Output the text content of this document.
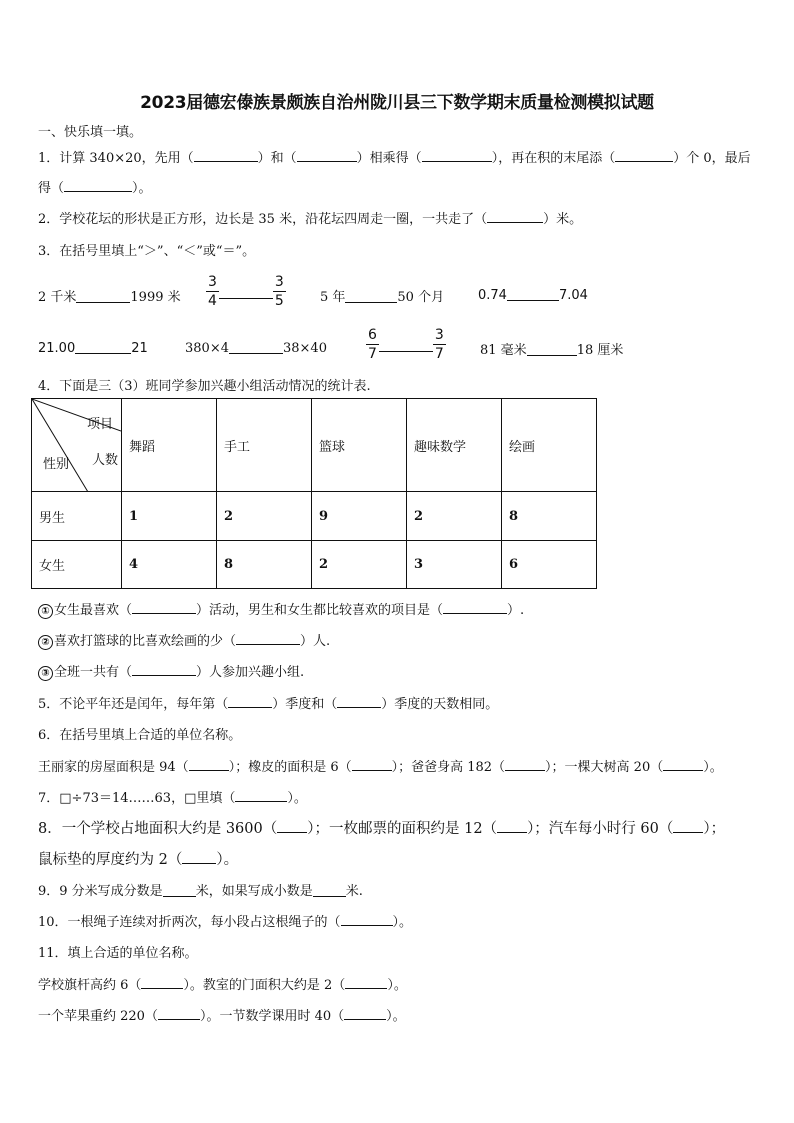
2023届德宏傣族景颇族自治州陇川县三下数学期末质量检测模拟试题
一、快乐填一填。
1．计算 340×20，先用（	）和（	）相乘得（	），再在积的末尾添（	）个 0，最后
得（	）。
2．学校花坛的形状是正方形，边长是 35 米，沿花坛四周走一圈，一共走了（	）米。
3．在括号里填上“＞”、“＜”或“＝”。
2 千米	1999 米 $\frac{3}{4}$	$\frac{3}{5}$	5 年	50 个月	0.74	7.04
21.00	21	380×4	38×40	$\frac{6}{7}$	$\frac{3}{7}$	81 毫米	18 厘米
4．下面是三（3）班同学参加兴趣小组活动情况的统计表.
项目
人数
性别	舞蹈	手工	篮球	趣味数学	绘画
男生	1	2	9	2	8
女生	4	8	2	3	6
① 女生最喜欢（	）活动，男生和女生都比较喜欢的项目是（	）.
② 喜欢打篮球的比喜欢绘画的少（	）人.
③ 全班一共有（	）人参加兴趣小组.
5．不论平年还是闰年，每年第（	）季度和（	）季度的天数相同。
6．在括号里填上合适的单位名称。
王丽家的房屋面积是 94（	）；橡皮的面积是 6（	）；爸爸身高 182（	）；一棵大树高 20（	）。
7．□÷73＝14……63，□里填（	）。
8．一个学校占地面积大约是 3600（ ）；一枚邮票的面积约是 12（ ）；汽车每小时行 60（ ）；
鼠标垫的厚度约为 2（ ）。
9．9 分米写成分数是	米，如果写成小数是	米.
10．一根绳子连续对折两次，每小段占这根绳子的（	）。
11．填上合适的单位名称。
学校旗杆高约 6（	）。教室的门面积大约是 2（	）。
一个苹果重约 220（	）。一节数学课用时 40（	）。
